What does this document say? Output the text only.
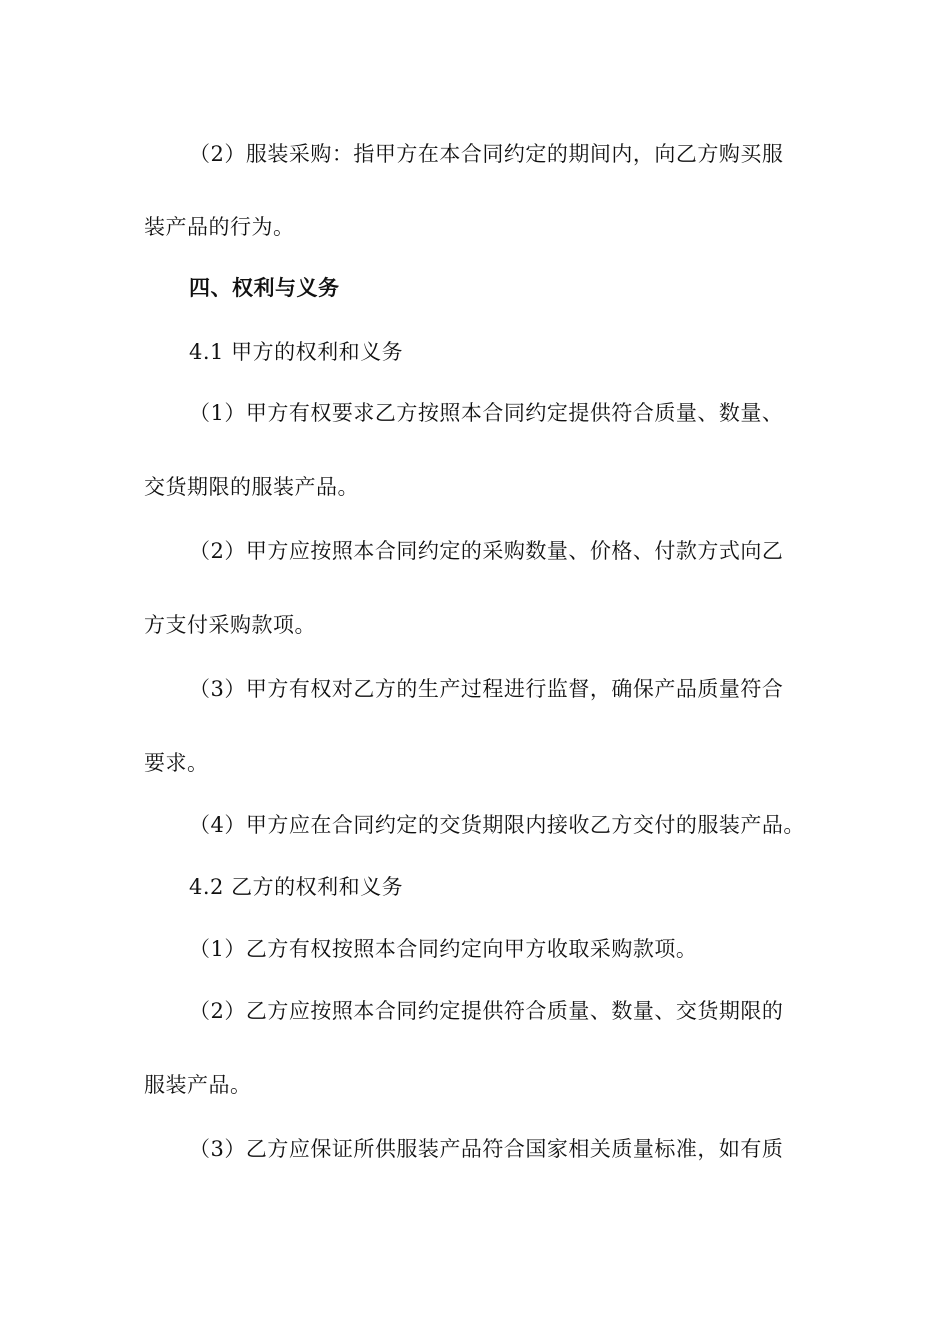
（2）服装采购：指甲方在本合同约定的期间内，向乙方购买服
装产品的行为。
四、权利与义务
4.1 甲方的权利和义务
（1）甲方有权要求乙方按照本合同约定提供符合质量、数量、
交货期限的服装产品。
（2）甲方应按照本合同约定的采购数量、价格、付款方式向乙
方支付采购款项。
（3）甲方有权对乙方的生产过程进行监督，确保产品质量符合
要求。
（4）甲方应在合同约定的交货期限内接收乙方交付的服装产品。
4.2 乙方的权利和义务
（1）乙方有权按照本合同约定向甲方收取采购款项。
（2）乙方应按照本合同约定提供符合质量、数量、交货期限的
服装产品。
（3）乙方应保证所供服装产品符合国家相关质量标准，如有质
